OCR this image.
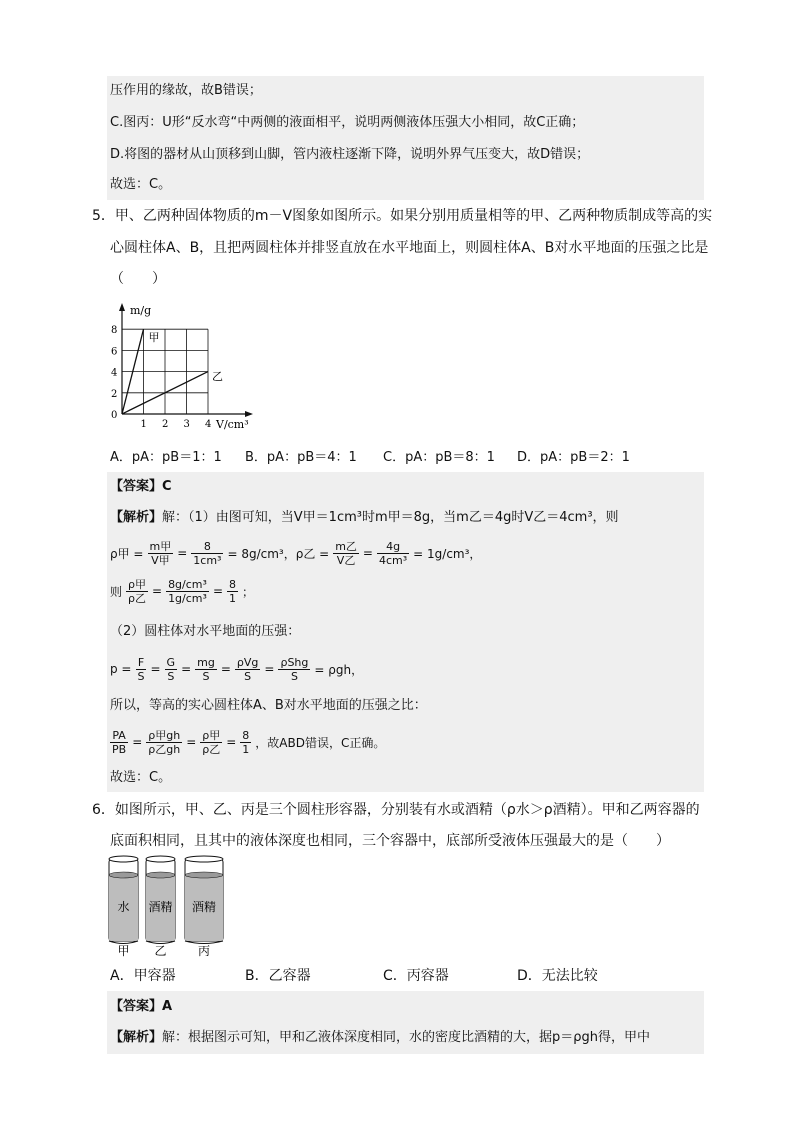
压作用的缘故，故B错误；
C.图丙：U形“反水弯“中两侧的液面相平，说明两侧液体压强大小相同，故C正确；
D.将图的器材从山顶移到山脚，管内液柱逐渐下降，说明外界气压变大，故D错误；
故选：C。
5．甲、乙两种固体物质的m－V图象如图所示。如果分别用质量相等的甲、乙两种物质制成等高的实
心圆柱体A、B，且把两圆柱体并排竖直放在水平地面上，则圆柱体A、B对水平地面的压强之比是
（　　）
m/g
V/cm³
0
2
4
6
8
1 2 3 4
甲
乙
A．pA：pB＝1：1 B．pA：pB＝4：1 C．pA：pB＝8：1 D．pA：pB＝2：1
【答案】C
【解析】解：（1）由图可知，当V甲＝1cm³时m甲＝8g，当m乙＝4g时V乙＝4cm³，则
ρ甲 = $\frac{\text{m甲}}{\text{V甲}} = \frac{8}{\text{1cm³}} = 8g/cm^3$，ρ乙 = $\frac{\text{m乙}}{\text{V乙}} = \frac{4g}{\text{4cm³}} = 1g/cm^3$，
则 $\frac{\text{ρ甲}}{\text{ρ乙}} = \frac{\text{8g/cm³}}{\text{1g/cm³}} = \frac{8}{1}$ ；
（2）圆柱体对水平地面的压强：
$p = \frac{F}{S} = \frac{G}{S} = \frac{mg}{S} = \frac{\text{ρVg}}{S} = \frac{\text{ρShg}}{S} = \rho gh$，
所以，等高的实心圆柱体A、B对水平地面的压强之比：
$\frac{PA}{PB} = \frac{\text{ρ甲gh}}{\text{ρ乙gh}} = \frac{\text{ρ甲}}{\text{ρ乙}} = \frac{8}{1}$ ，故ABD错误，C正确。
故选：C。
6．如图所示，甲、乙、丙是三个圆柱形容器，分别装有水或酒精（ρ水＞ρ酒精）。甲和乙两容器的
底面积相同，且其中的液体深度也相同，三个容器中，底部所受液体压强最大的是（　　）
水
甲
酒精
乙
酒精
丙
A．甲容器	B．乙容器	C．丙容器	D．无法比较
【答案】A
【解析】解：根据图示可知，甲和乙液体深度相同，水的密度比酒精的大，据p＝ρgh得，甲中
